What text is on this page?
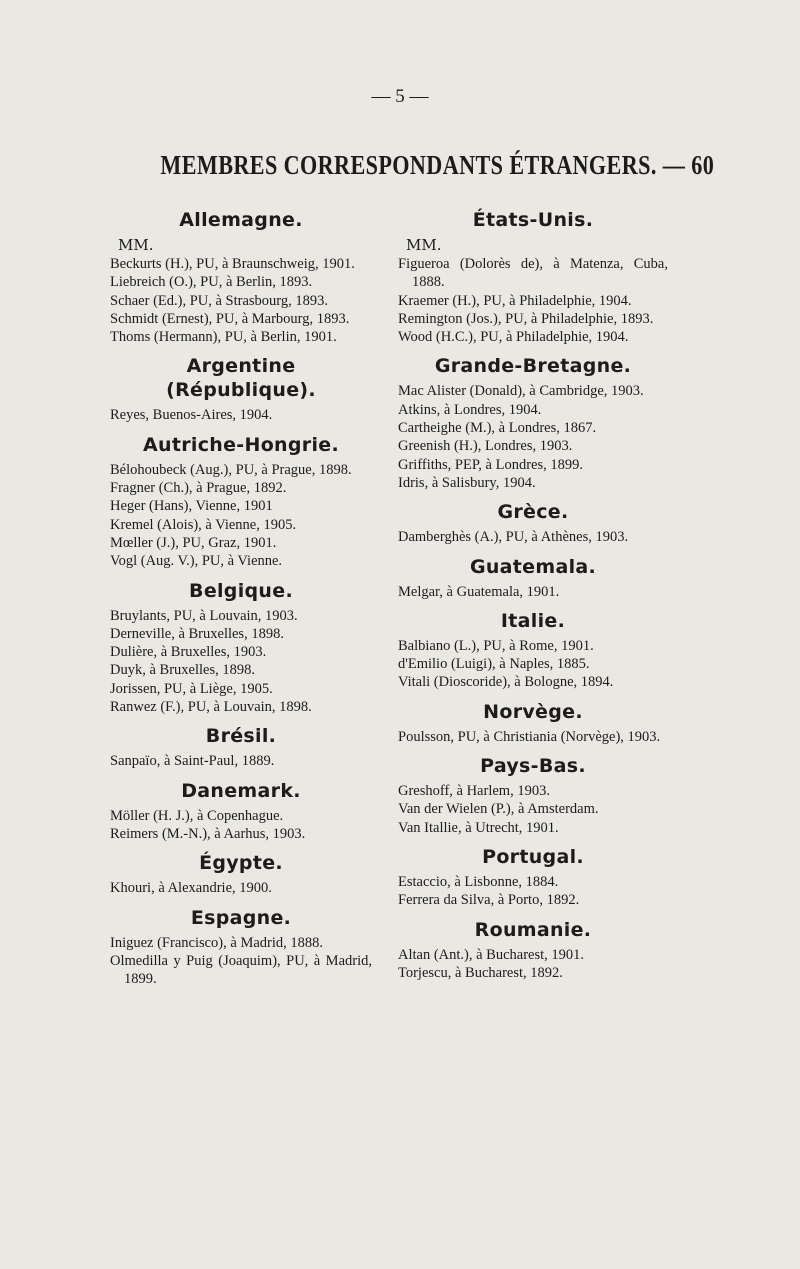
— 5 —
MEMBRES CORRESPONDANTS ÉTRANGERS. — 60
Allemagne.
MM.
Beckurts (H.), PU, à Braunschweig, 1901.
Liebreich (O.), PU, à Berlin, 1893.
Schaer (Ed.), PU, à Strasbourg, 1893.
Schmidt (Ernest), PU, à Marbourg, 1893.
Thoms (Hermann), PU, à Berlin, 1901.
Argentine (République).
Reyes, Buenos-Aires, 1904.
Autriche-Hongrie.
Bélohoubeck (Aug.), PU, à Prague, 1898.
Fragner (Ch.), à Prague, 1892.
Heger (Hans), Vienne, 1901
Kremel (Alois), à Vienne, 1905.
Mœller (J.), PU, Graz, 1901.
Vogl (Aug. V.), PU, à Vienne.
Belgique.
Bruylants, PU, à Louvain, 1903.
Derneville, à Bruxelles, 1898.
Dulière, à Bruxelles, 1903.
Duyk, à Bruxelles, 1898.
Jorissen, PU, à Liège, 1905.
Ranwez (F.), PU, à Louvain, 1898.
Brésil.
Sanpaïo, à Saint-Paul, 1889.
Danemark.
Möller (H. J.), à Copenhague.
Reimers (M.-N.), à Aarhus, 1903.
Égypte.
Khouri, à Alexandrie, 1900.
Espagne.
Iniguez (Francisco), à Madrid, 1888.
Olmedilla y Puig (Joaquim), PU, à Madrid, 1899.
États-Unis.
MM.
Figueroa (Dolorès de), à Matenza, Cuba, 1888.
Kraemer (H.), PU, à Philadelphie, 1904.
Remington (Jos.), PU, à Philadelphie, 1893.
Wood (H.C.), PU, à Philadelphie, 1904.
Grande-Bretagne.
Mac Alister (Donald), à Cambridge, 1903.
Atkins, à Londres, 1904.
Cartheighe (M.), à Londres, 1867.
Greenish (H.), Londres, 1903.
Griffiths, PEP, à Londres, 1899.
Idris, à Salisbury, 1904.
Grèce.
Damberghès (A.), PU, à Athènes, 1903.
Guatemala.
Melgar, à Guatemala, 1901.
Italie.
Balbiano (L.), PU, à Rome, 1901.
d'Emilio (Luigi), à Naples, 1885.
Vitali (Dioscoride), à Bologne, 1894.
Norvège.
Poulsson, PU, à Christiania (Norvège), 1903.
Pays-Bas.
Greshoff, à Harlem, 1903.
Van der Wielen (P.), à Amsterdam.
Van Itallie, à Utrecht, 1901.
Portugal.
Estaccio, à Lisbonne, 1884.
Ferrera da Silva, à Porto, 1892.
Roumanie.
Altan (Ant.), à Bucharest, 1901.
Torjescu, à Bucharest, 1892.
